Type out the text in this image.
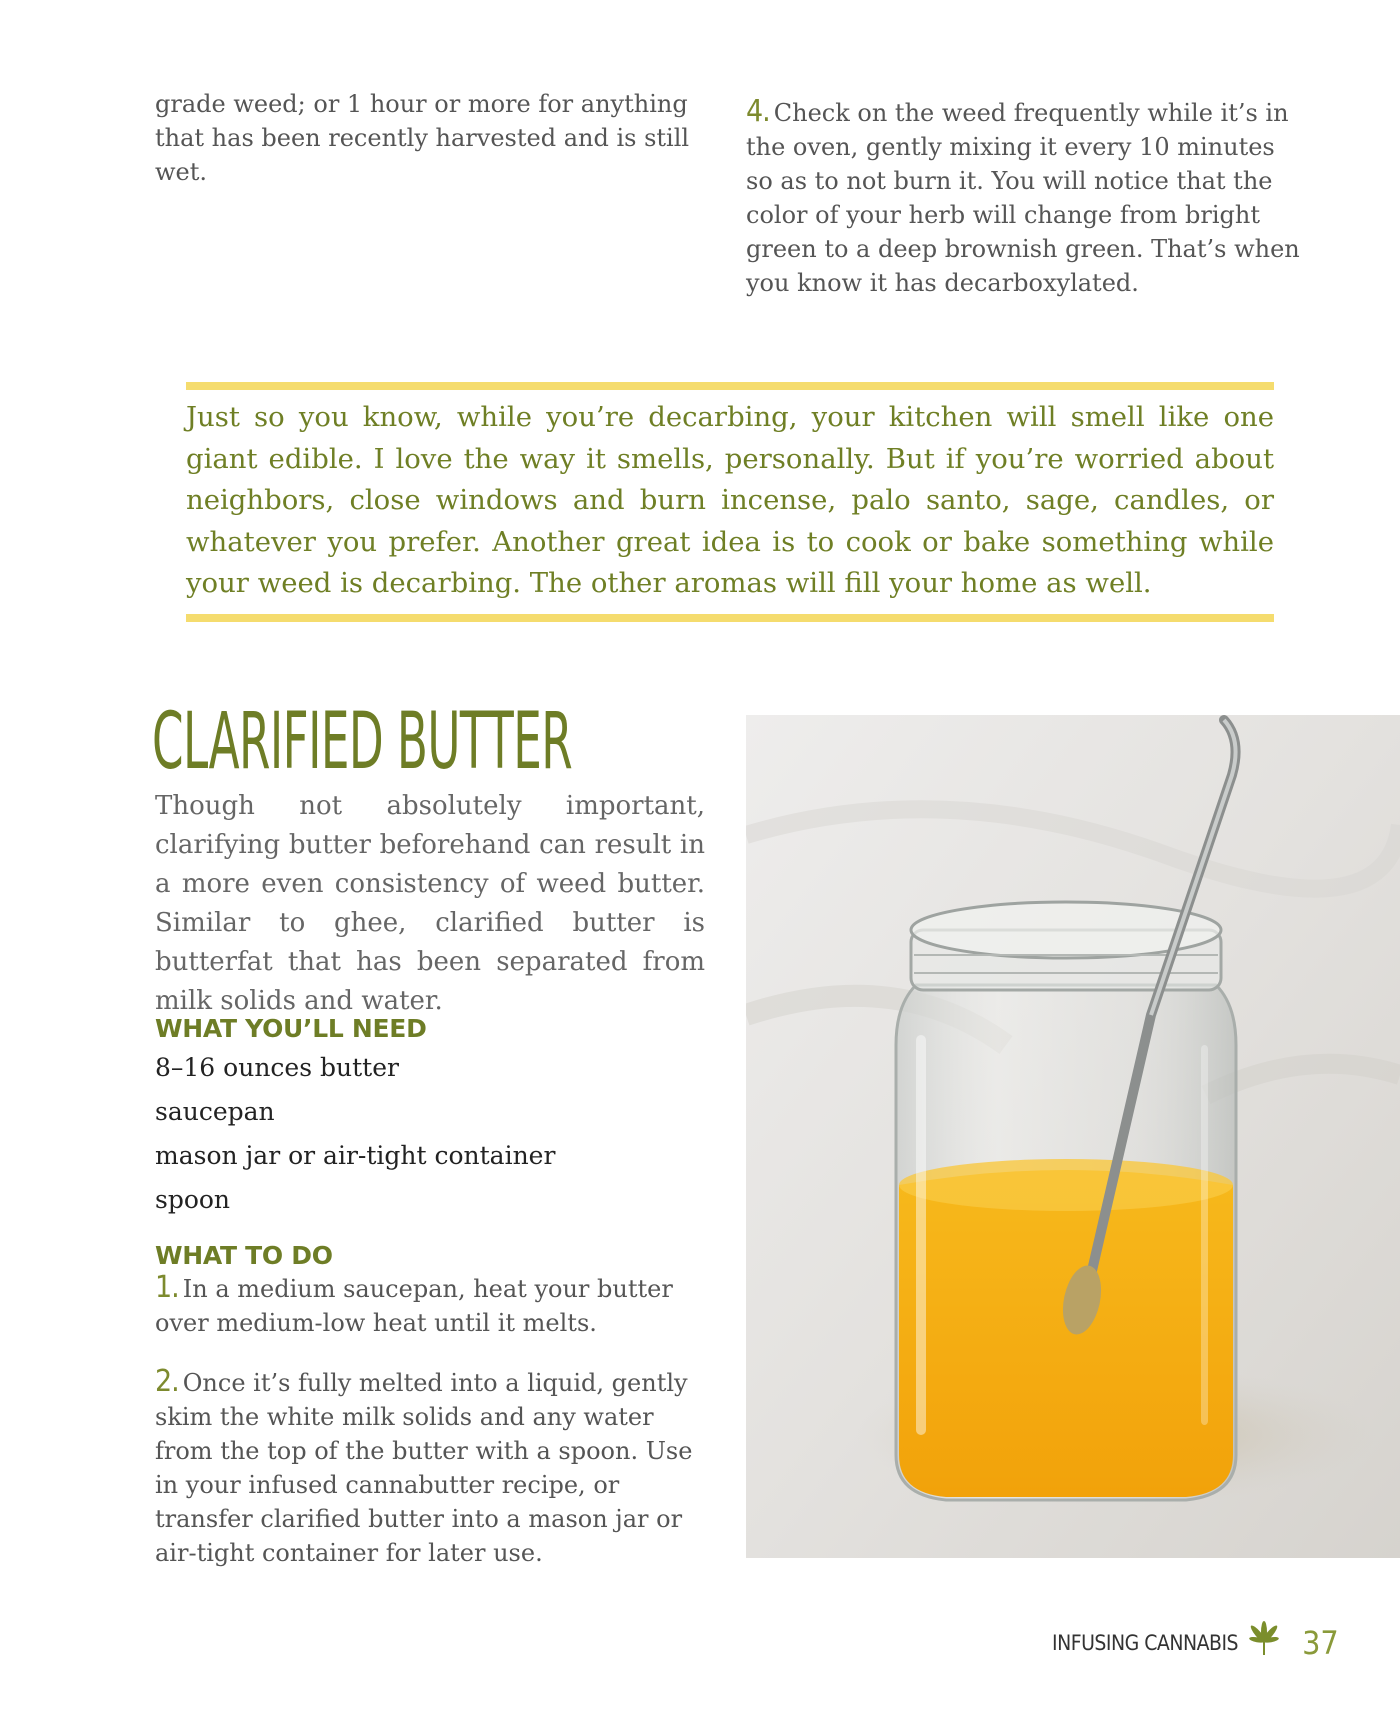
grade weed; or 1 hour or more for anything that has been recently harvested and is still wet.

4. Check on the weed frequently while it’s in the oven, gently mixing it every 10 minutes so as to not burn it. You will notice that the color of your herb will change from bright green to a deep brownish green. That’s when you know it has decarboxylated.

Just so you know, while you’re decarbing, your kitchen will smell like one giant edible. I love the way it smells, personally. But if you’re worried about neighbors, close windows and burn incense, palo santo, sage, candles, or whatever you prefer. Another great idea is to cook or bake something while your weed is decarbing. The other aromas will fill your home as well.

CLARIFIED BUTTER

Though not absolutely important, clarifying butter beforehand can result in a more even consistency of weed butter. Similar to ghee, clarified butter is butterfat that has been separated from milk solids and water.

WHAT YOU’LL NEED
8–16 ounces butter
saucepan
mason jar or air-tight container
spoon
WHAT TO DO

1. In a medium saucepan, heat your butter over medium-low heat until it melts.

2. Once it’s fully melted into a liquid, gently skim the white milk solids and any water from the top of the butter with a spoon. Use in your infused cannabutter recipe, or transfer clarified butter into a mason jar or air-tight container for later use.

INFUSING CANNABIS 37
